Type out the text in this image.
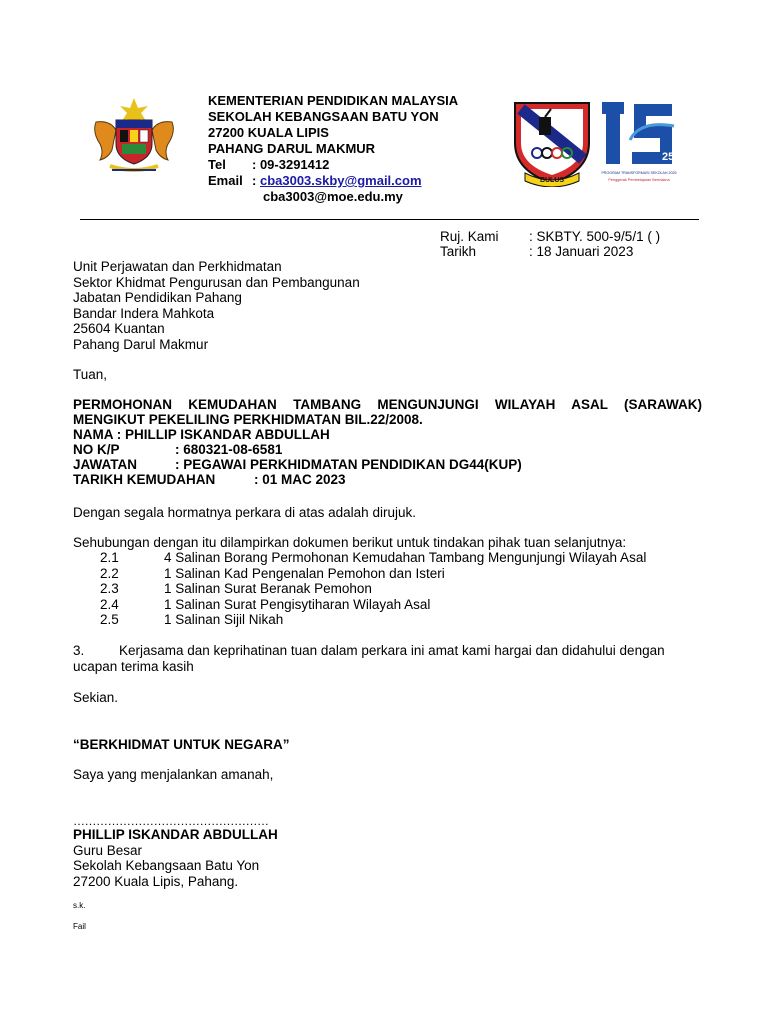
KEMENTERIAN PENDIDIKAN MALAYSIA
SEKOLAH KEBANGSAAN BATU YON
27200 KUALA LIPIS
PAHANG DARUL MAKMUR
Tel : 09-3291412
Email : cba3003.skby@gmail.com
cba3003@moe.edu.my
BULUS
25
PROGRAM TRANSFORMASI SEKOLAH 2025
Penggerak Pembelajaran Bermakna
Ruj. Kami : SKBTY. 500-9/5/1 ( )
Tarikh	: 18 Januari 2023
Unit Perjawatan dan Perkhidmatan
Sektor Khidmat Pengurusan dan Pembangunan
Jabatan Pendidikan Pahang
Bandar Indera Mahkota
25604 Kuantan
Pahang Darul Makmur
Tuan,
PERMOHONAN KEMUDAHAN TAMBANG MENGUNJUNGI WILAYAH ASAL (SARAWAK)
MENGIKUT PEKELILING PERKHIDMATAN BIL.22/2008.
NAMA : PHILLIP ISKANDAR ABDULLAH
NO K/P	: 680321-08-6581
JAWATAN	: PEGAWAI PERKHIDMATAN PENDIDIKAN DG44(KUP)
TARIKH KEMUDAHAN	: 01 MAC 2023
Dengan segala hormatnya perkara di atas adalah dirujuk.
Sehubungan dengan itu dilampirkan dokumen berikut untuk tindakan pihak tuan selanjutnya:
2.1	4 Salinan Borang Permohonan Kemudahan Tambang Mengunjungi Wilayah Asal
2.2	1 Salinan Kad Pengenalan Pemohon dan Isteri
2.3	1 Salinan Surat Beranak Pemohon
2.4	1 Salinan Surat Pengisytiharan Wilayah Asal
2.5	1 Salinan Sijil Nikah
3.	Kerjasama dan keprihatinan tuan dalam perkara ini amat kami hargai dan didahului dengan
ucapan terima kasih
Sekian.
“BERKHIDMAT UNTUK NEGARA”
Saya yang menjalankan amanah,
……………………………………………
PHILLIP ISKANDAR ABDULLAH
Guru Besar
Sekolah Kebangsaan Batu Yon
27200 Kuala Lipis, Pahang.
s.k.
Fail
